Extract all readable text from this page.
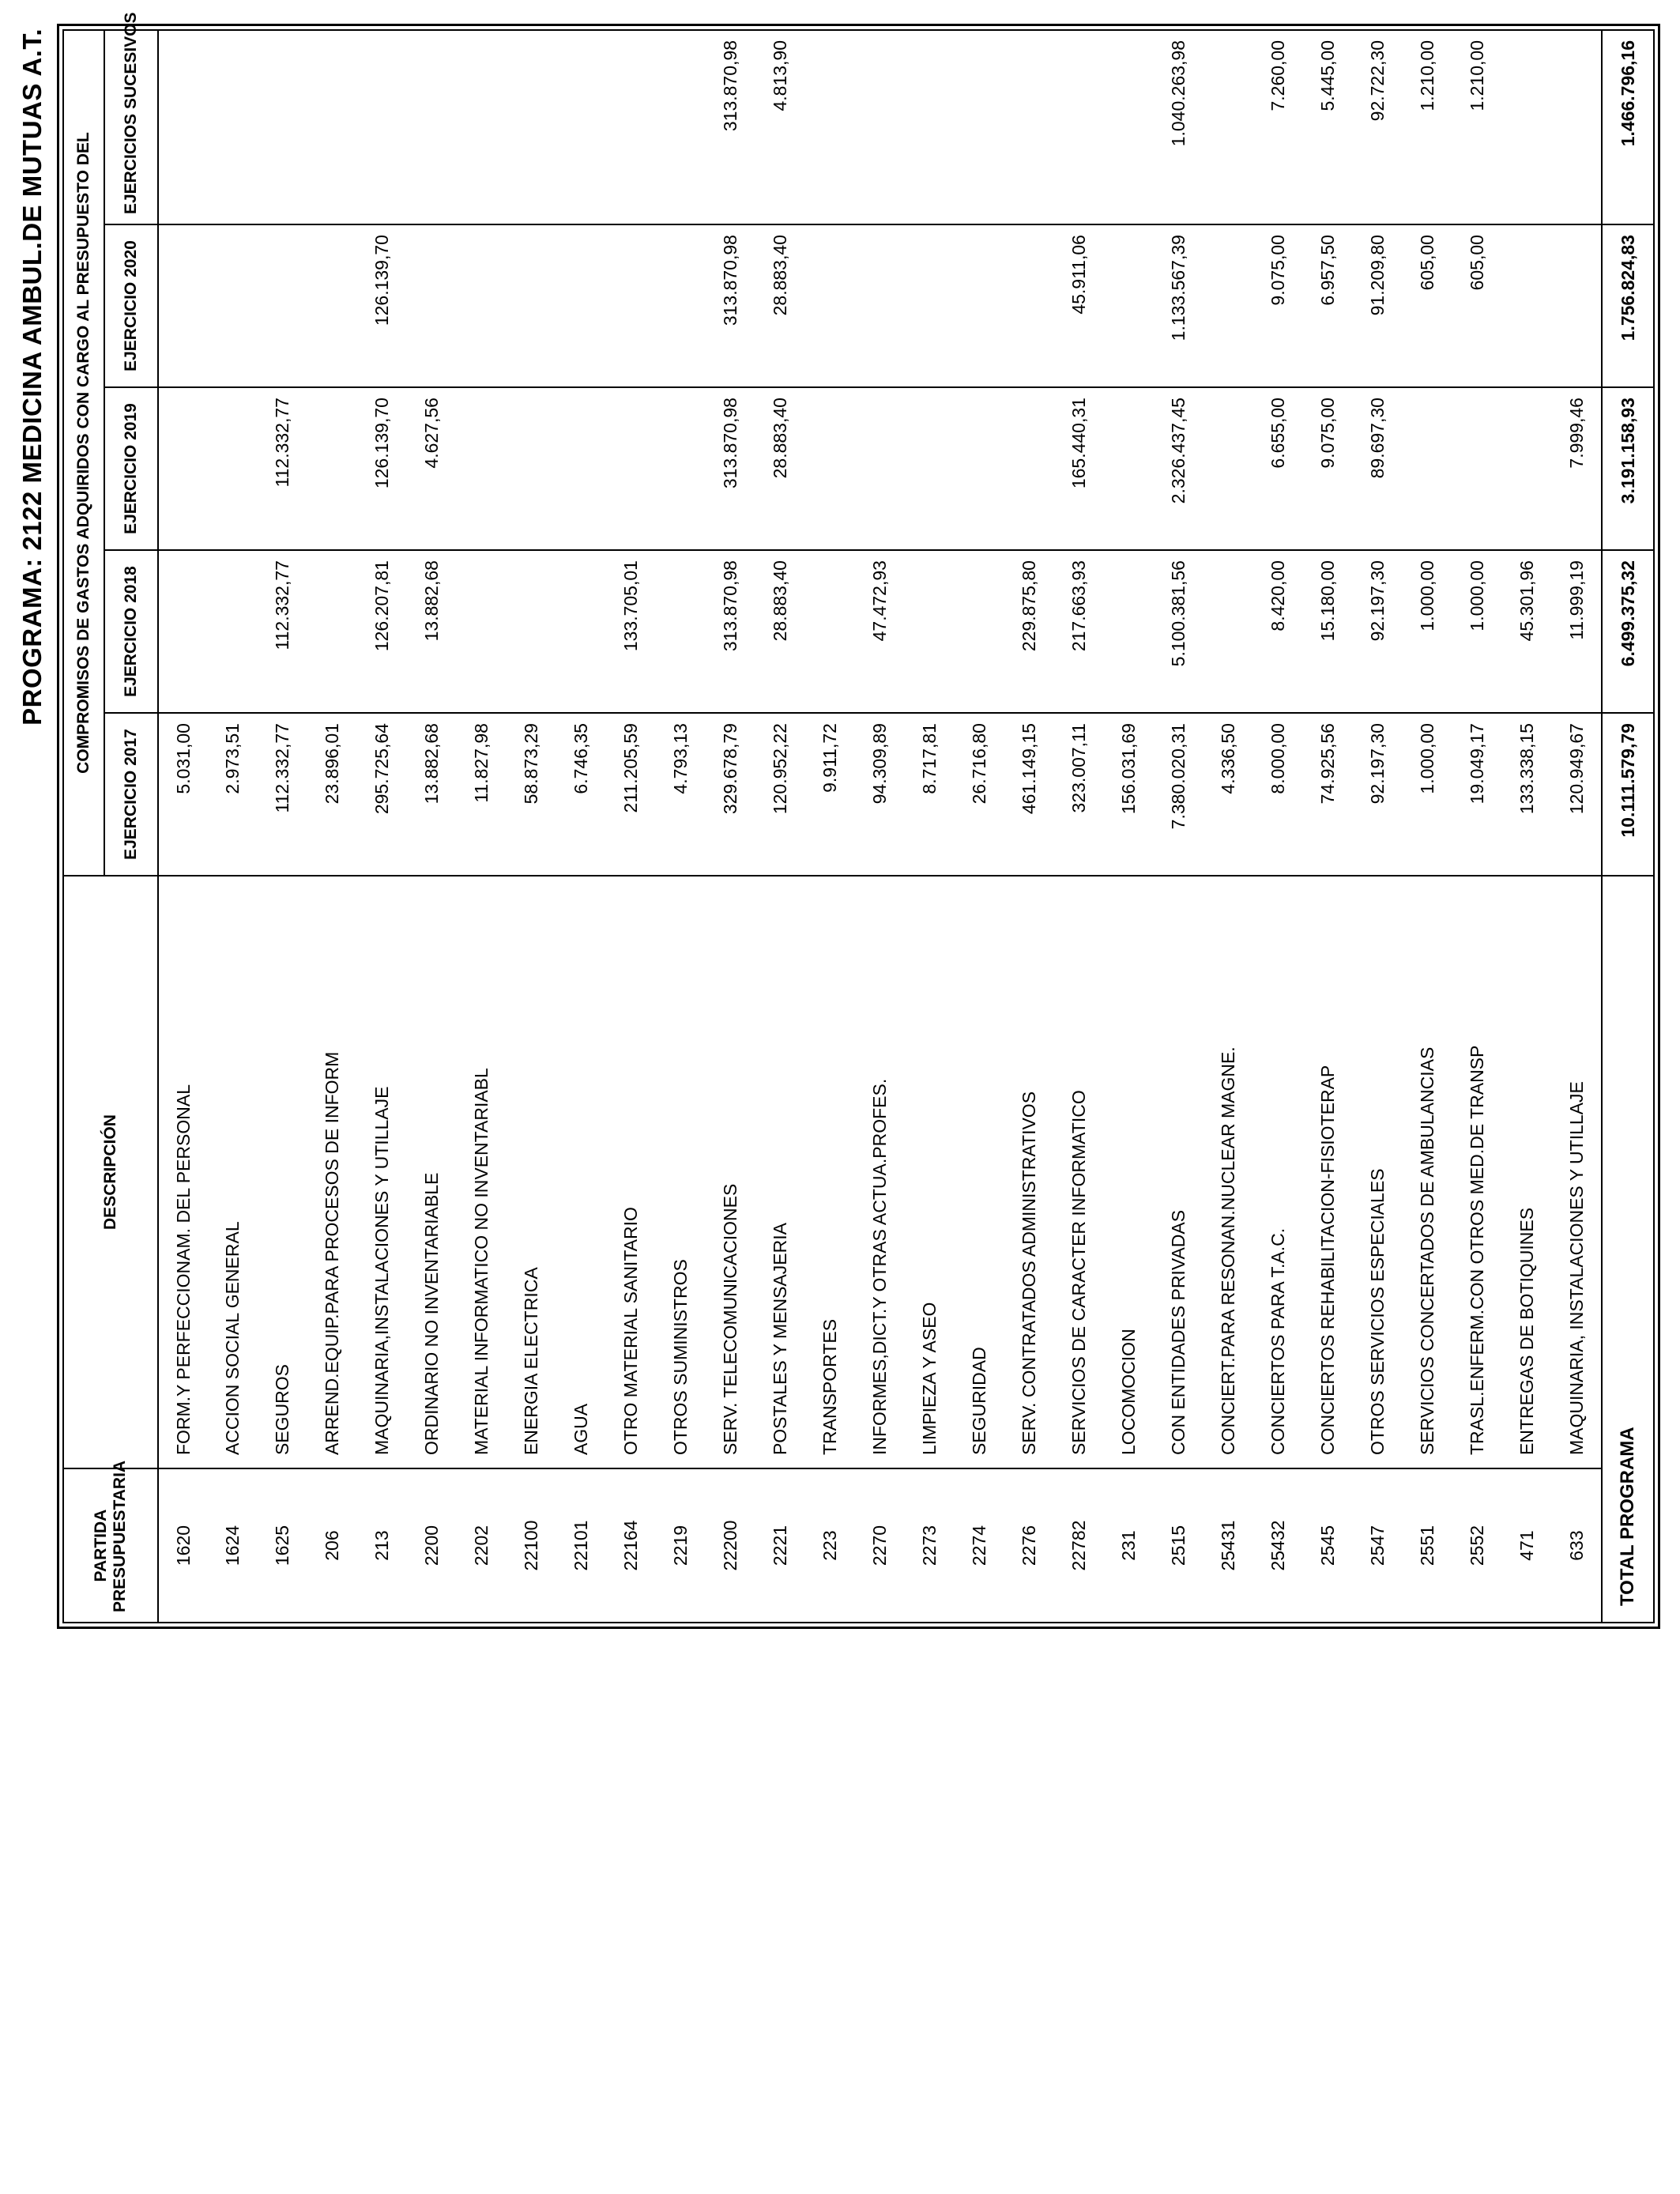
PROGRAMA: 2122 MEDICINA AMBUL.DE MUTUAS A.T.
PARTIDA
PRESUPUESTARIA	DESCRIPCIÓN	COMPROMISOS DE GASTOS ADQUIRIDOS CON CARGO AL PRESUPUESTO DEL				
		EJERCICIO 2017	EJERCICIO 2018	EJERCICIO 2019	EJERCICIO 2020	EJERCICIOS SUCESIVOS
1620	FORM.Y PERFECCIONAM. DEL PERSONAL	5.031,00				
1624	ACCION SOCIAL GENERAL	2.973,51				
1625	SEGUROS	112.332,77	112.332,77	112.332,77		
206	ARREND.EQUIP.PARA PROCESOS DE INFORM	23.896,01				
213	MAQUINARIA,INSTALACIONES Y UTILLAJE	295.725,64	126.207,81	126.139,70	126.139,70	
2200	ORDINARIO NO INVENTARIABLE	13.882,68	13.882,68	4.627,56		
2202	MATERIAL INFORMATICO NO INVENTARIABL	11.827,98				
22100	ENERGIA ELECTRICA	58.873,29				
22101	AGUA	6.746,35				
22164	OTRO MATERIAL SANITARIO	211.205,59	133.705,01			
2219	OTROS SUMINISTROS	4.793,13				
22200	SERV. TELECOMUNICACIONES	329.678,79	313.870,98	313.870,98	313.870,98	313.870,98
2221	POSTALES Y MENSAJERIA	120.952,22	28.883,40	28.883,40	28.883,40	4.813,90
223	TRANSPORTES	9.911,72				
2270	INFORMES,DICT.Y OTRAS ACTUA.PROFES.	94.309,89	47.472,93			
2273	LIMPIEZA Y ASEO	8.717,81				
2274	SEGURIDAD	26.716,80				
2276	SERV. CONTRATADOS ADMINISTRATIVOS	461.149,15	229.875,80			
22782	SERVICIOS DE CARACTER INFORMATICO	323.007,11	217.663,93	165.440,31	45.911,06	
231	LOCOMOCION	156.031,69				
2515	CON ENTIDADES PRIVADAS	7.380.020,31	5.100.381,56	2.326.437,45	1.133.567,39	1.040.263,98
25431	CONCIERT.PARA RESONAN.NUCLEAR MAGNE.	4.336,50				
25432	CONCIERTOS PARA T.A.C.	8.000,00	8.420,00	6.655,00	9.075,00	7.260,00
2545	CONCIERTOS REHABILITACION-FISIOTERAP	74.925,56	15.180,00	9.075,00	6.957,50	5.445,00
2547	OTROS SERVICIOS ESPECIALES	92.197,30	92.197,30	89.697,30	91.209,80	92.722,30
2551	SERVICIOS CONCERTADOS DE AMBULANCIAS	1.000,00	1.000,00		605,00	1.210,00
2552	TRASL.ENFERM.CON OTROS MED.DE TRANSP	19.049,17	1.000,00		605,00	1.210,00
471	ENTREGAS DE BOTIQUINES	133.338,15	45.301,96			
633	MAQUINARIA, INSTALACIONES Y UTILLAJE	120.949,67	11.999,19	7.999,46		
TOTAL PROGRAMA		10.111.579,79	6.499.375,32	3.191.158,93	1.756.824,83	1.466.796,16
